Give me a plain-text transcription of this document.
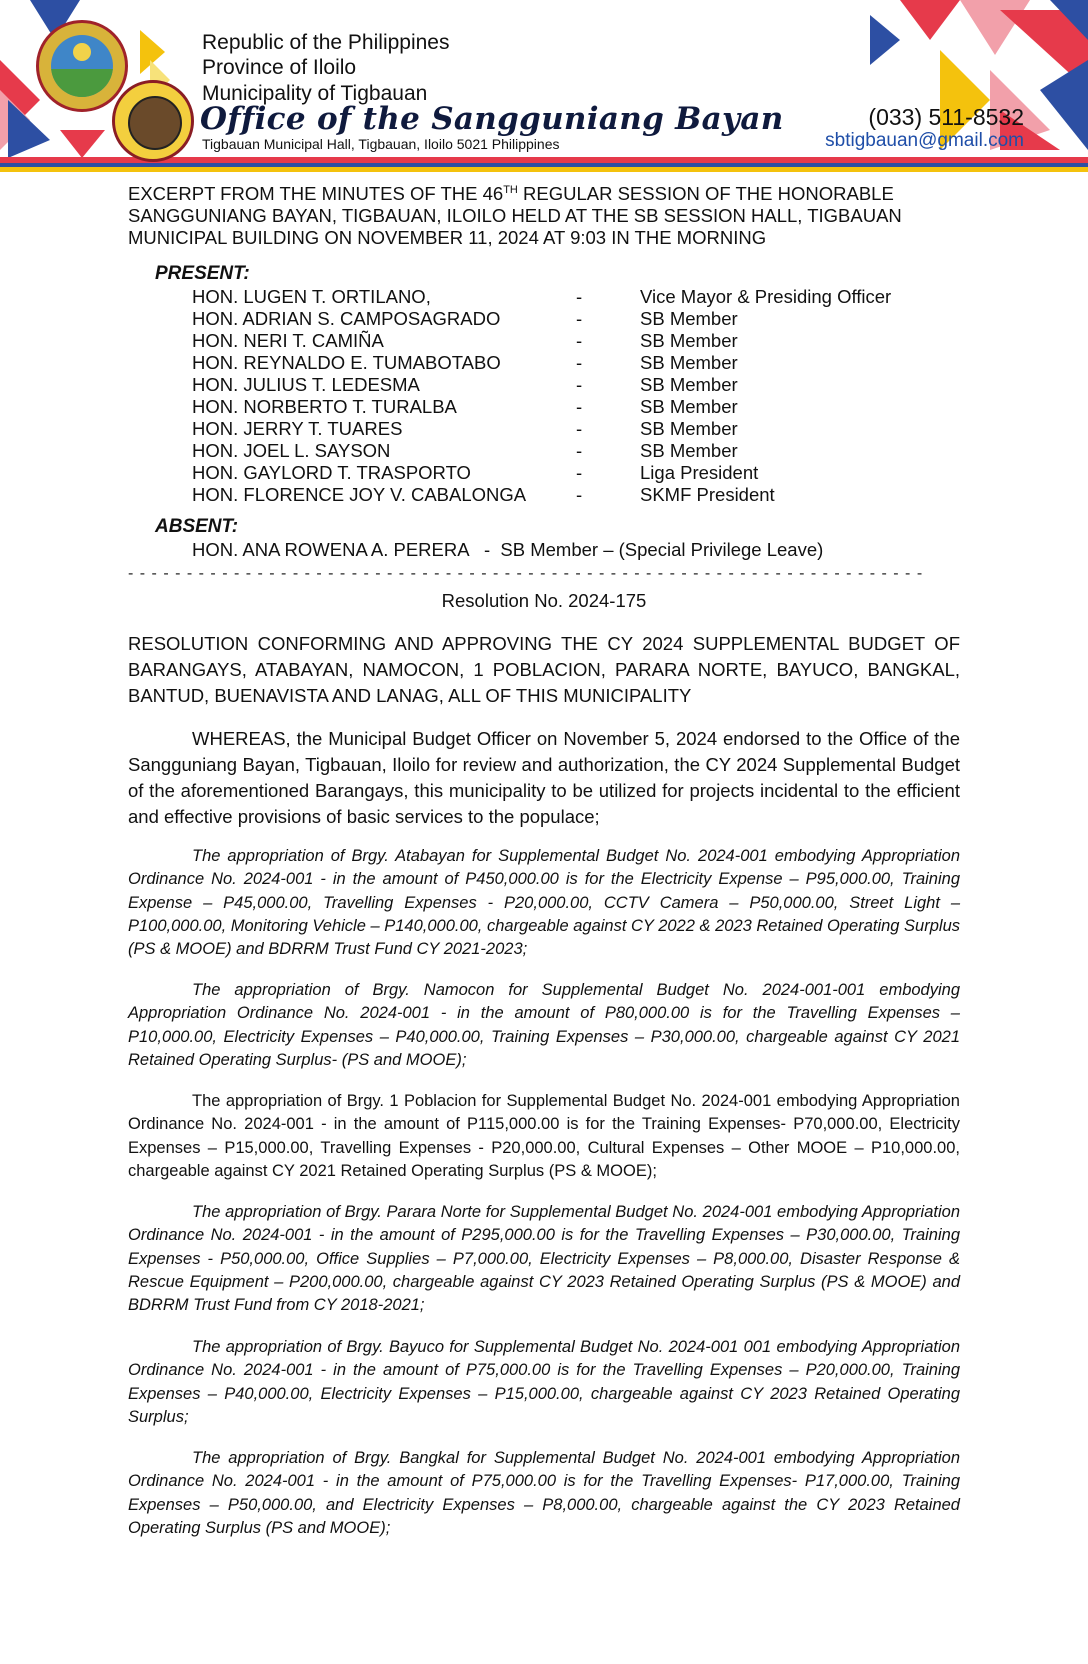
Republic of the Philippines
Province of Iloilo
Municipality of Tigbauan
Office of the Sangguniang Bayan
Tigbauan Municipal Hall, Tigbauan, Iloilo 5021 Philippines
(033) 511-8532
sbtigbauan@gmail.com
EXCERPT FROM THE MINUTES OF THE 46TH REGULAR SESSION OF THE HONORABLE
SANGGUNIANG BAYAN, TIGBAUAN, ILOILO HELD AT THE SB SESSION HALL, TIGBAUAN
MUNICIPAL BUILDING ON NOVEMBER 11, 2024 AT 9:03 IN THE MORNING
PRESENT:
HON. LUGEN T. ORTILANO,	-	Vice Mayor & Presiding Officer
HON. ADRIAN S. CAMPOSAGRADO	-	SB Member
HON. NERI T. CAMIÑA	-	SB Member
HON. REYNALDO E. TUMABOTABO	-	SB Member
HON. JULIUS T. LEDESMA	-	SB Member
HON. NORBERTO T. TURALBA	-	SB Member
HON. JERRY T. TUARES	-	SB Member
HON. JOEL L. SAYSON	-	SB Member
HON. GAYLORD T. TRASPORTO	-	Liga President
HON. FLORENCE JOY V. CABALONGA	-	SKMF President
ABSENT:
HON. ANA ROWENA A. PERERA   -  SB Member – (Special Privilege Leave)
- - - - - - - - - - - - - - - - - - - - - - - - - - - - - - - - - - - - - - - - - - - - - - - - - - - - - - - - - - - - - - - - - - - -
Resolution No. 2024-175
RESOLUTION CONFORMING AND APPROVING THE CY 2024 SUPPLEMENTAL BUDGET OF BARANGAYS, ATABAYAN, NAMOCON, 1 POBLACION, PARARA NORTE, BAYUCO, BANGKAL, BANTUD, BUENAVISTA AND LANAG, ALL OF THIS MUNICIPALITY
WHEREAS, the Municipal Budget Officer on November 5, 2024 endorsed to the Office of the Sangguniang Bayan, Tigbauan, Iloilo for review and authorization, the CY 2024 Supplemental Budget of the aforementioned Barangays, this municipality to be utilized for projects incidental to the efficient and effective provisions of basic services to the populace;
The appropriation of Brgy. Atabayan for Supplemental Budget No. 2024-001 embodying Appropriation Ordinance No. 2024-001 - in the amount of P450,000.00 is for the Electricity Expense – P95,000.00, Training Expense – P45,000.00, Travelling Expenses - P20,000.00, CCTV Camera – P50,000.00, Street Light – P100,000.00, Monitoring Vehicle – P140,000.00, chargeable against CY 2022 & 2023 Retained Operating Surplus (PS & MOOE) and BDRRM Trust Fund CY 2021-2023;
The appropriation of Brgy. Namocon for Supplemental Budget No. 2024-001-001 embodying Appropriation Ordinance No. 2024-001 - in the amount of P80,000.00 is for the Travelling Expenses – P10,000.00, Electricity Expenses – P40,000.00, Training Expenses – P30,000.00, chargeable against CY 2021 Retained Operating Surplus- (PS and MOOE);
The appropriation of Brgy. 1 Poblacion for Supplemental Budget No. 2024-001 embodying Appropriation Ordinance No. 2024-001 - in the amount of P115,000.00 is for the Training Expenses- P70,000.00, Electricity Expenses – P15,000.00, Travelling Expenses - P20,000.00, Cultural Expenses – Other MOOE – P10,000.00, chargeable against CY 2021 Retained Operating Surplus (PS & MOOE);
The appropriation of Brgy. Parara Norte for Supplemental Budget No. 2024-001 embodying Appropriation Ordinance No. 2024-001 - in the amount of P295,000.00 is for the Travelling Expenses – P30,000.00, Training Expenses - P50,000.00, Office Supplies – P7,000.00, Electricity Expenses – P8,000.00, Disaster Response & Rescue Equipment – P200,000.00, chargeable against CY 2023 Retained Operating Surplus (PS & MOOE) and BDRRM Trust Fund from CY 2018-2021;
The appropriation of Brgy. Bayuco for Supplemental Budget No. 2024-001 001 embodying Appropriation Ordinance No. 2024-001 - in the amount of P75,000.00 is for the Travelling Expenses – P20,000.00, Training Expenses – P40,000.00, Electricity Expenses – P15,000.00, chargeable against CY 2023 Retained Operating Surplus;
The appropriation of Brgy. Bangkal for Supplemental Budget No. 2024-001 embodying Appropriation Ordinance No. 2024-001 - in the amount of P75,000.00 is for the Travelling Expenses- P17,000.00, Training Expenses – P50,000.00, and Electricity Expenses – P8,000.00, chargeable against the CY 2023 Retained Operating Surplus (PS and MOOE);
